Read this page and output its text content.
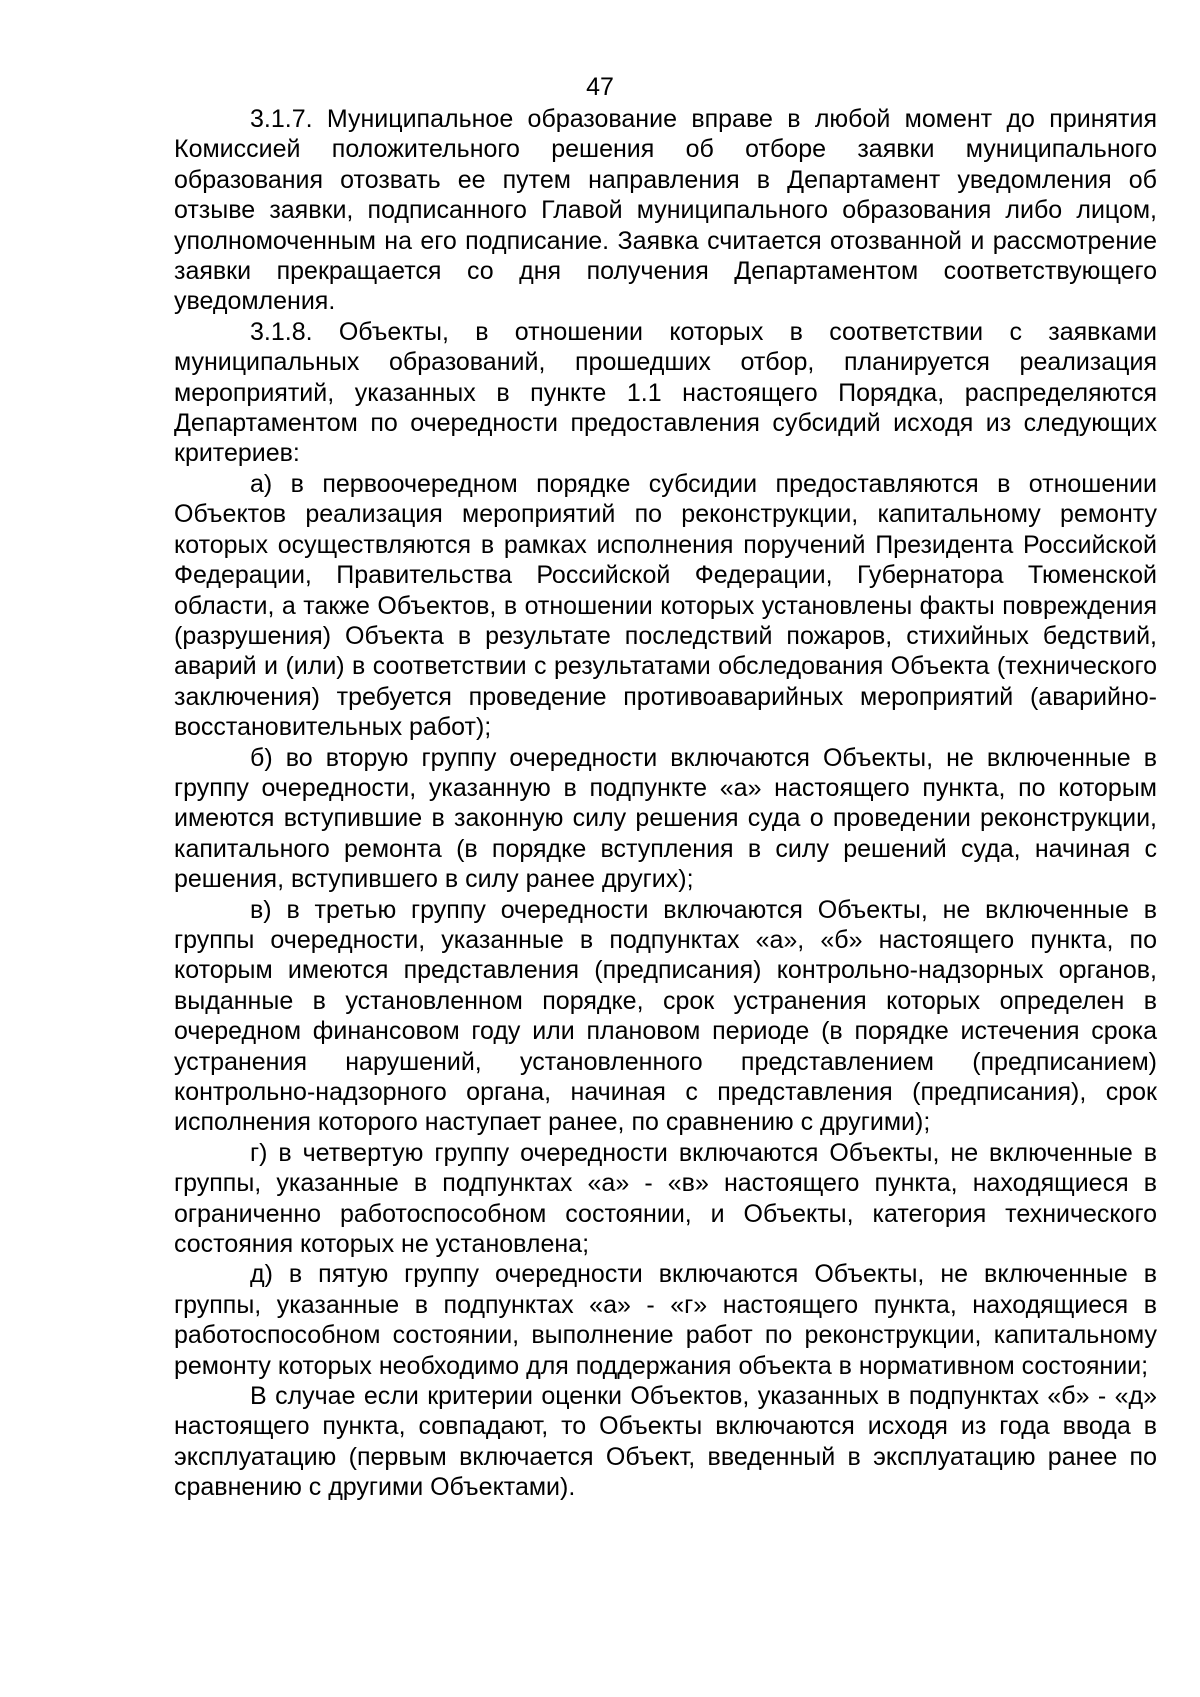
47

3.1.7. Муниципальное образование вправе в любой момент до принятия Комиссией положительного решения об отборе заявки муниципального образования отозвать ее путем направления в Департамент уведомления об отзыве заявки, подписанного Главой муниципального образования либо лицом, уполномоченным на его подписание. Заявка считается отозванной и рассмотрение заявки прекращается со дня получения Департаментом соответствующего уведомления.

3.1.8. Объекты, в отношении которых в соответствии с заявками муниципальных образований, прошедших отбор, планируется реализация мероприятий, указанных в пункте 1.1 настоящего Порядка, распределяются Департаментом по очередности предоставления субсидий исходя из следующих критериев:

а) в первоочередном порядке субсидии предоставляются в отношении Объектов реализация мероприятий по реконструкции, капитальному ремонту которых осуществляются в рамках исполнения поручений Президента Российской Федерации, Правительства Российской Федерации, Губернатора Тюменской области, а также Объектов, в отношении которых установлены факты повреждения (разрушения) Объекта в результате последствий пожаров, стихийных бедствий, аварий и (или) в соответствии с результатами обследования Объекта (технического заключения) требуется проведение противоаварийных мероприятий (аварийно-восстановительных работ);

б) во вторую группу очередности включаются Объекты, не включенные в группу очередности, указанную в подпункте «а» настоящего пункта, по которым имеются вступившие в законную силу решения суда о проведении реконструкции, капитального ремонта (в порядке вступления в силу решений суда, начиная с решения, вступившего в силу ранее других);

в) в третью группу очередности включаются Объекты, не включенные в группы очередности, указанные в подпунктах «а», «б» настоящего пункта, по которым имеются представления (предписания) контрольно-надзорных органов, выданные в установленном порядке, срок устранения которых определен в очередном финансовом году или плановом периоде (в порядке истечения срока устранения нарушений, установленного представлением (предписанием) контрольно-надзорного органа, начиная с представления (предписания), срок исполнения которого наступает ранее, по сравнению с другими);

г) в четвертую группу очередности включаются Объекты, не включенные в группы, указанные в подпунктах «а» - «в» настоящего пункта, находящиеся в ограниченно работоспособном состоянии, и Объекты, категория технического состояния которых не установлена;

д) в пятую группу очередности включаются Объекты, не включенные в группы, указанные в подпунктах «а» - «г» настоящего пункта, находящиеся в работоспособном состоянии, выполнение работ по реконструкции, капитальному ремонту которых необходимо для поддержания объекта в нормативном состоянии;

В случае если критерии оценки Объектов, указанных в подпунктах «б» - «д» настоящего пункта, совпадают, то Объекты включаются исходя из года ввода в эксплуатацию (первым включается Объект, введенный в эксплуатацию ранее по сравнению с другими Объектами).
